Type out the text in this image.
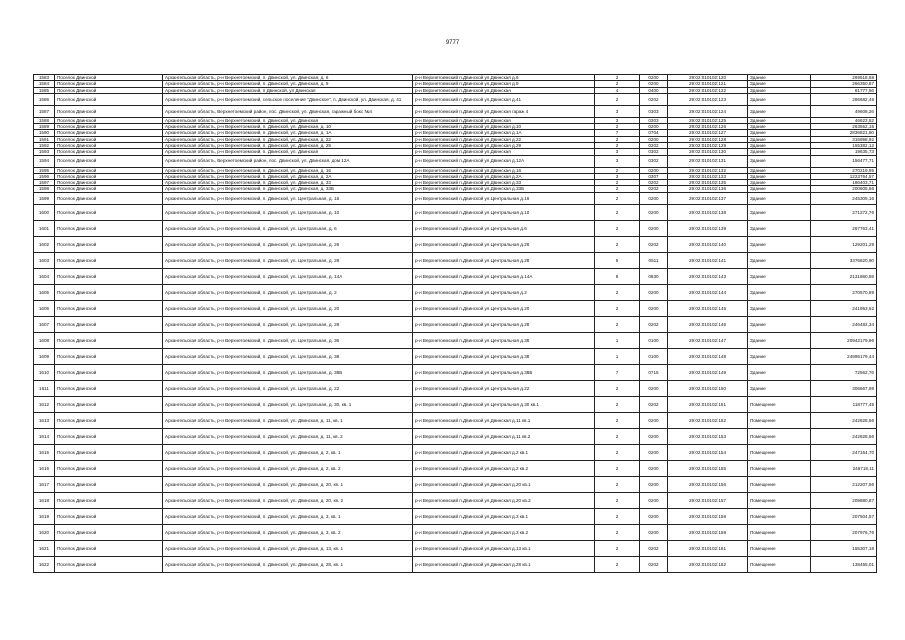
9777
1583	Поселок Двинской	Архангельская область, р-н Верхнетоемский, п. Двинской, ул. Двинская, д. 6	р-н Верхнетоемский п.Двинской ул.Двинская д.6	2	0200	29:02:010102:120	Здание	269518,68
1584	Поселок Двинской	Архангельская область, р-н Верхнетоемский, п. Двинской, ул. Двинская, д. 9	р-н Верхнетоемский п.Двинской ул.Двинская д.9	2	0200	29:02:010102:121	Здание	266350,87
1585	Поселок Двинской	Архангельская область, р-н Верхнетоемский, п Двинской, ул Двинская	р-н Верхнетоемский п.Двинской ул.Двинская	4	0400	29:02:010102:122	Здание	81777,56
1586	Поселок Двинской	Архангельская область, р-н Верхнетоемский, сельское поселение "Двинское", п. Двинской, ул. Двинская, д. 41	р-н Верхнетоемский п.Двинской ул.Двинская д.41	2	0202	29:02:010102:123	Здание	286682,49
1587	Поселок Двинской	Архангельская область, Верхнетоемский район, пос. Двинской, ул. Двинская, гаражный бокс №4	р-н Верхнетоемский п.Двинской ул.Двинская гараж 4	3	0303	29:02:010102:124	Здание	49608,26
1588	Поселок Двинской	Архангельская область, р-н Верхнетоемский, п. Двинской, ул. Двинская	р-н Верхнетоемский п.Двинской ул.Двинская	3	0303	29:02:010102:125	Здание	46623,52
1589	Поселок Двинской	Архангельская область, р-н Верхнетоемский, п. Двинской, ул. Двинская, д. 10	р-н Верхнетоемский п.Двинской ул.Двинская д.10	2	0200	29:02:010102:126	Здание	263552,15
1590	Поселок Двинской	Архангельская область, р-н Верхнетоемский, п. Двинской, ул. Двинская, д. 1А	р-н Верхнетоемский п.Двинской ул.Двинская д.1А	7	0704	29:02:010102:127	Здание	2836821,80
1591	Поселок Двинской	Архангельская область, р-н Верхнетоемский, п. Двинской, ул. Двинская, д. 22	р-н Верхнетоемский п.Двинской ул.Двинская д.22	2	0200	29:02:010102:128	Здание	315958,92
1592	Поселок Двинской	Архангельская область, р-н Верхнетоемский, п. Двинской, ул. Двинская, д. 29	р-н Верхнетоемский п.Двинской ул.Двинская д.29	2	0202	29:02:010102:129	Здание	155382,12
1593	Поселок Двинской	Архангельская область, р-н Верхнетоемский, п. Двинской, ул. Двинская	р-н Верхнетоемский п.Двинской ул.Двинская	3	0302	29:02:010102:130	Здание	19635,73
1594	Поселок Двинской	Архангельская область, Верхнетоемский район, пос. Двинской, ул. Двинская, дом 12А	р-н Верхнетоемский п.Двинской ул.Двинская д.12А	3	0302	29:02:010102:131	Здание	156477,71
1595	Поселок Двинской	Архангельская область, р-н Верхнетоемский, п. Двинской, ул. Двинская, д. 16	р-н Верхнетоемский п.Двинской ул.Двинская д.16	2	0200	29:02:010102:132	Здание	270219,95
1596	Поселок Двинской	Архангельская область, р-н Верхнетоемский, п. Двинской, ул. Двинская, д. 2А	р-н Верхнетоемский п.Двинской ул.Двинская д.2А	3	0307	29:02:010102:133	Здание	1223764,57
1597	Поселок Двинской	Архангельская область, р-н Верхнетоемский, п. Двинской, ул. Двинская, д. 33	р-н Верхнетоемский п.Двинской ул.Двинская д.33	2	0202	29:02:010102:135	Здание	186403,71
1598	Поселок Двинской	Архангельская область, р-н Верхнетоемский, п. Двинской, ул. Двинская, д. 33Б	р-н Верхнетоемский п.Двинской ул.Двинская д.33Б	2	0202	29:02:010102:136	Здание	200605,66
1599	Поселок Двинской	Архангельская область, р-н Верхнетоемский, п. Двинской, ул. Центральная, д. 16	р-н Верхнетоемский п.Двинской ул.Центральная д.16	2	0200	29:02:010102:137	Здание	245309,16
1600	Поселок Двинской	Архангельская область, р-н Верхнетоемский, п. Двинской, ул. Центральная, д. 10	р-н Верхнетоемский п.Двинской ул.Центральная д.10	2	0200	29:02:010102:138	Здание	271272,76
1601	Поселок Двинской	Архангельская область, р-н Верхнетоемский, п. Двинской, ул. Центральная, д. 6	р-н Верхнетоемский п.Двинской ул.Центральная д.6	2	0200	29:02:010102:139	Здание	267763,41
1602	Поселок Двинской	Архангельская область, р-н Верхнетоемский, п. Двинской, ул. Центральная, д. 26	р-н Верхнетоемский п.Двинской ул.Центральная д.26	2	0202	29:02:010102:140	Здание	129201,29
1603	Поселок Двинской	Архангельская область, р-н Верхнетоемский, п. Двинской, ул. Центральная, д. 28	р-н Верхнетоемский п.Двинской ул.Центральная д.28	5	0511	29:02:010102:141	Здание	3376820,90
1604	Поселок Двинской	Архангельская область, р-н Верхнетоемский, п. Двинской, ул. Центральная, д. 14А	р-н Верхнетоемский п.Двинской ул.Центральная д.14А	8	0830	29:02:010102:143	Здание	2131860,59
1605	Поселок Двинской	Архангельская область, р-н Верхнетоемский, п. Двинской, ул. Центральная, д. 2	р-н Верхнетоемский п.Двинской ул.Центральная д.2	2	0200	29:02:010102:144	Здание	270570,89
1606	Поселок Двинской	Архангельская область, р-н Верхнетоемский, п. Двинской, ул. Центральная, д. 20	р-н Верхнетоемский п.Двинской ул.Центральная д.20	2	0200	29:02:010102:145	Здание	241953,62
1607	Поселок Двинской	Архангельская область, р-н Верхнетоемский, п. Двинской, ул. Центральная, д. 28	р-н Верхнетоемский п.Двинской ул.Центральная д.28	2	0202	29:02:010102:146	Здание	246482,34
1608	Поселок Двинской	Архангельская область, р-н Верхнетоемский, п. Двинской, ул. Центральная, д. 36	р-н Верхнетоемский п.Двинской ул.Центральная д.36	1	0100	29:02:010102:147	Здание	20942179,96
1609	Поселок Двинской	Архангельская область, р-н Верхнетоемский, п. Двинской, ул. Центральная, д. 38	р-н Верхнетоемский п.Двинской ул.Центральная д.38	1	0100	29:02:010102:148	Здание	24995179,44
1610	Поселок Двинской	Архангельская область, р-н Верхнетоемский, п. Двинской, ул. Центральная, д. 38Б	р-н Верхнетоемский п.Двинской ул.Центральная д.38Б	7	0715	29:02:010102:149	Здание	72562,76
1611	Поселок Двинской	Архангельская область, р-н Верхнетоемский, п. Двинской, ул. Центральная, д. 22	р-н Верхнетоемский п.Двинской ул.Центральная д.22	2	0200	29:02:010102:150	Здание	306667,98
1612	Поселок Двинской	Архангельская область, р-н Верхнетоемский, п. Двинской, ул. Центральная, д. 30, кв. 1	р-н Верхнетоемский п.Двинской ул.Центральная д.30 кв.1	2	0202	29:02:010102:151	Помещение	118777,45
1613	Поселок Двинской	Архангельская область, р-н Верхнетоемский, п. Двинской, ул. Двинская, д. 11, кв. 1	р-н Верхнетоемский п.Двинской ул.Двинская д.11 кв.1	2	0200	29:02:010102:152	Помещение	242828,66
1614	Поселок Двинской	Архангельская область, р-н Верхнетоемский, п. Двинской, ул. Двинская, д. 11, кв. 2	р-н Верхнетоемский п.Двинской ул.Двинская д.11 кв.2	2	0200	29:02:010102:153	Помещение	242828,66
1615	Поселок Двинской	Архангельская область, р-н Верхнетоемский, п. Двинской, ул. Двинская, д. 2, кв. 1	р-н Верхнетоемский п.Двинской ул.Двинская д.2 кв.1	2	0200	29:02:010102:154	Помещение	247154,70
1616	Поселок Двинской	Архангельская область, р-н Верхнетоемский, п. Двинской, ул. Двинская, д. 2, кв. 2	р-н Верхнетоемский п.Двинской ул.Двинская д.2 кв.2	2	0200	29:02:010102:155	Помещение	246718,11
1617	Поселок Двинской	Архангельская область, р-н Верхнетоемский, п. Двинской, ул. Двинская, д. 20, кв. 1	р-н Верхнетоемский п.Двинской ул.Двинская д.20 кв.1	2	0200	29:02:010102:156	Помещение	212207,56
1618	Поселок Двинской	Архангельская область, р-н Верхнетоемский, п. Двинской, ул. Двинская, д. 20, кв. 2	р-н Верхнетоемский п.Двинской ул.Двинская д.20 кв.2	2	0200	29:02:010102:157	Помещение	209880,87
1619	Поселок Двинской	Архангельская область, р-н Верхнетоемский, п. Двинской, ул. Двинская, д. 3, кв. 1	р-н Верхнетоемский п.Двинской ул.Двинская д.3 кв.1	2	0200	29:02:010102:158	Помещение	207504,57
1620	Поселок Двинской	Архангельская область, р-н Верхнетоемский, п. Двинской, ул. Двинская, д. 3, кв. 2	р-н Верхнетоемский п.Двинской ул.Двинская д.3 кв.2	2	0200	29:02:010102:159	Помещение	207976,76
1621	Поселок Двинской	Архангельская область, р-н Верхнетоемский, п. Двинской, ул. Двинская, д. 13, кв. 1	р-н Верхнетоемский п.Двинской ул.Двинская д.13 кв.1	2	0202	29:02:010102:161	Помещение	155307,18
1622	Поселок Двинской	Архангельская область, р-н Верхнетоемский, п. Двинской, ул. Двинская, д. 28, кв. 1	р-н Верхнетоемский п.Двинской ул.Двинская д.28 кв.1	2	0202	29:02:010102:162	Помещение	138455,01
